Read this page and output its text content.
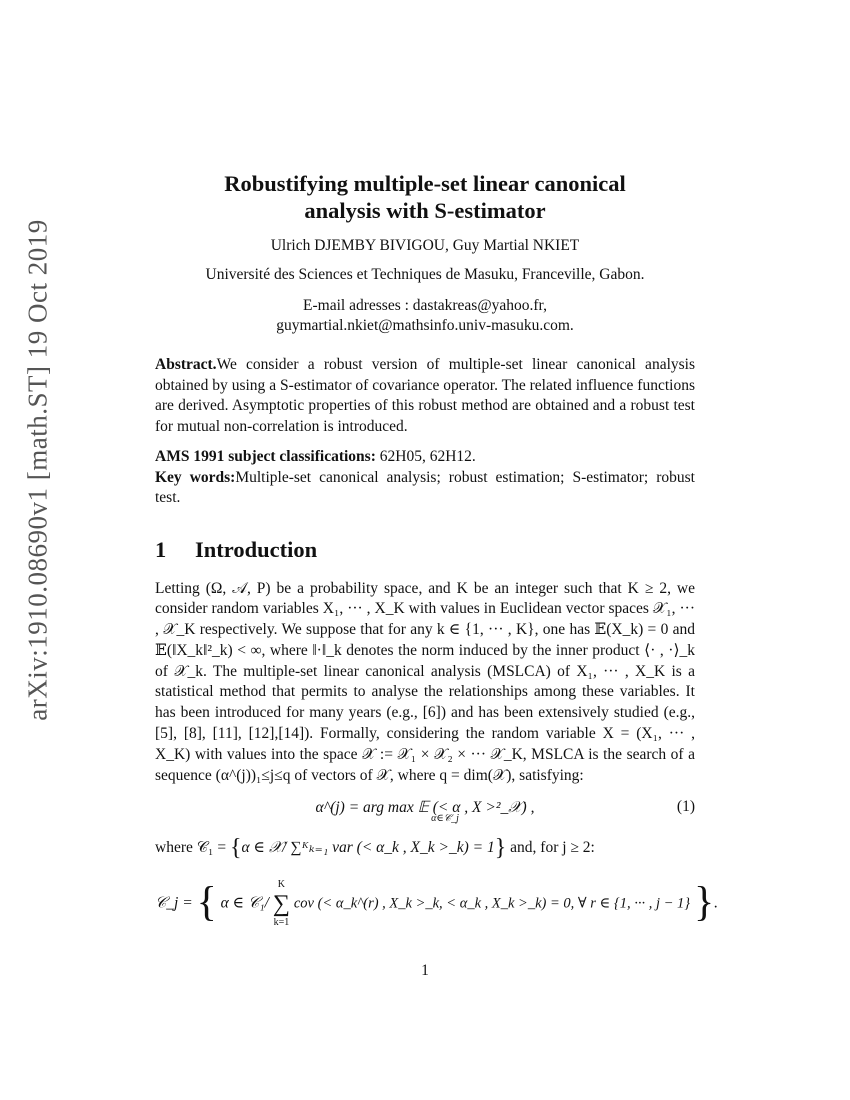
arXiv:1910.08690v1 [math.ST] 19 Oct 2019
Robustifying multiple-set linear canonical
analysis with S-estimator
Ulrich DJEMBY BIVIGOU, Guy Martial NKIET
Université des Sciences et Techniques de Masuku, Franceville, Gabon.
E-mail adresses : dastakreas@yahoo.fr,
guymartial.nkiet@mathsinfo.univ-masuku.com.

Abstract.We consider a robust version of multiple-set linear canonical analysis obtained by using a S-estimator of covariance operator. The related influence functions are derived. Asymptotic properties of this robust method are obtained and a robust test for mutual non-correlation is introduced.

AMS 1991 subject classifications: 62H05, 62H12.
Key words:Multiple-set canonical analysis; robust estimation; S-estimator; robust test.

1 Introduction

Letting (Ω, 𝒜, P) be a probability space, and K be an integer such that K ≥ 2, we consider random variables X₁, ··· , X_K with values in Euclidean vector spaces 𝒳₁, ··· , 𝒳_K respectively. We suppose that for any k ∈ {1, ··· , K}, one has 𝔼(X_k) = 0 and 𝔼(‖X_k‖²_k) < ∞, where ‖·‖_k denotes the norm induced by the inner product ⟨· , ·⟩_k of 𝒳_k. The multiple-set linear canonical analysis (MSLCA) of X₁, ··· , X_K is a statistical method that permits to analyse the relationships among these variables. It has been introduced for many years (e.g., [6]) and has been extensively studied (e.g., [5], [8], [11], [12],[14]). Formally, considering the random variable X = (X₁, ··· , X_K) with values into the space 𝒳 := 𝒳₁ × 𝒳₂ × ··· 𝒳_K, MSLCA is the search of a sequence (α^(j))₁≤j≤q of vectors of 𝒳, where q = dim(𝒳), satisfying:

α^(j) = arg max 𝔼 (< α , X >²_𝒳) ,
α∈𝒞_j
(1)
where 𝒞₁ = {α ∈ 𝒳/ ∑ᴷₖ₌₁ var (< α_k , X_k >_k) = 1} and, for j ≥ 2:
𝒞_j = { α ∈ 𝒞₁/ K
∑
k=1 cov (< α_k^(r) , X_k >_k, < α_k , X_k >_k) = 0, ∀ r ∈ {1, ··· , j − 1} }.
1
